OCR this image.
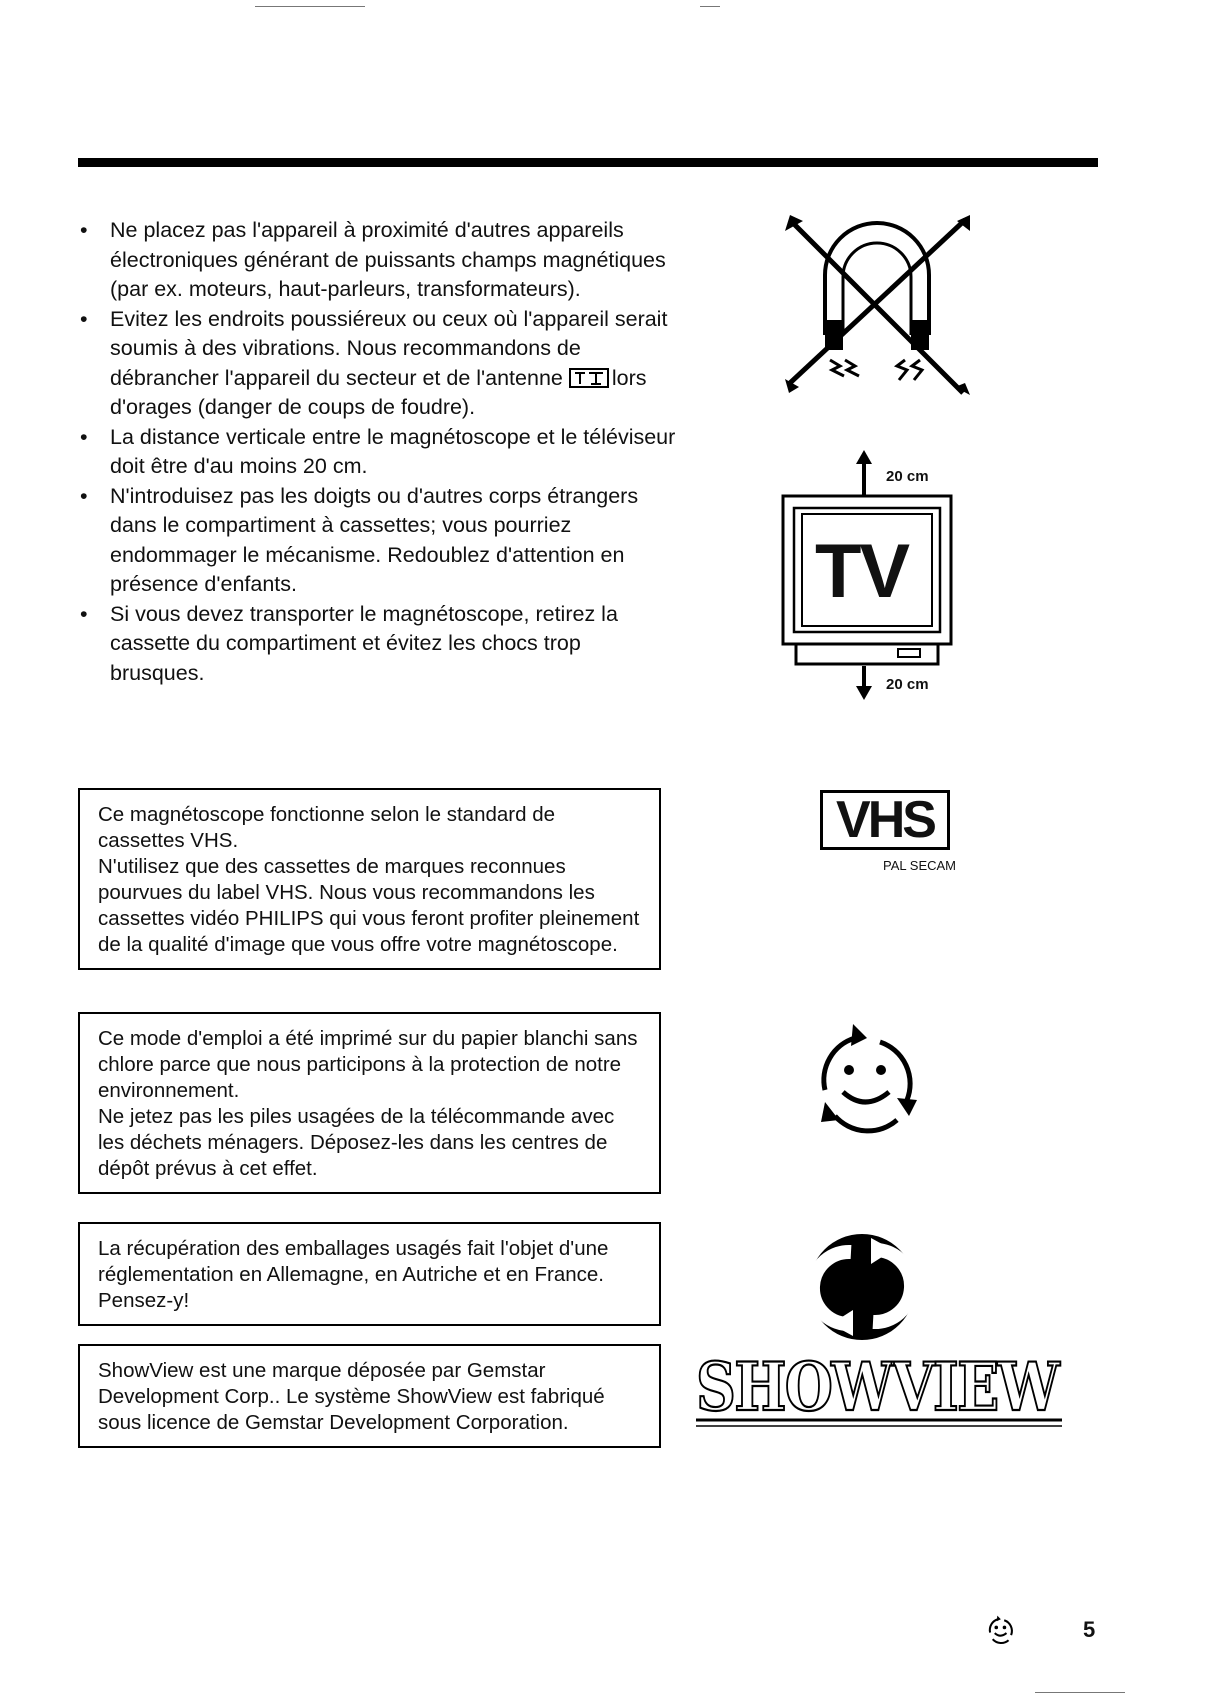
• Ne placez pas l'appareil à proximité d'autres appareils électroniques générant de puissants champs magnétiques (par ex. moteurs, haut-parleurs, transformateurs).
• Evitez les endroits poussiéreux ou ceux où l'appareil serait soumis à des vibrations. Nous recommandons de débrancher l'appareil du secteur et de l'antenne lors d'orages (danger de coups de foudre).
• La distance verticale entre le magnétoscope et le téléviseur doit être d'au moins 20 cm.
• N'introduisez pas les doigts ou d'autres corps étrangers dans le compartiment à cassettes; vous pourriez endommager le mécanisme. Redoublez d'attention en présence d'enfants.
• Si vous devez transporter le magnétoscope, retirez la cassette du compartiment et évitez les chocs trop brusques.
TV
20 cm
20 cm
VHS
PAL SECAM

Ce magnétoscope fonctionne selon le standard de cassettes VHS.

N'utilisez que des cassettes de marques reconnues pourvues du label VHS. Nous vous recommandons les cassettes vidéo PHILIPS qui vous feront profiter pleinement de la qualité d'image que vous offre votre magnétoscope.

Ce mode d'emploi a été imprimé sur du papier blanchi sans chlore parce que nous participons à la protection de notre environnement.

Ne jetez pas les piles usagées de la télécommande avec les déchets ménagers. Déposez-les dans les centres de dépôt prévus à cet effet.

La récupération des emballages usagés fait l'objet d'une réglementation en Allemagne, en Autriche et en France. Pensez-y!

ShowView est une marque déposée par Gemstar Development Corp.. Le système ShowView est fabriqué sous licence de Gemstar Development Corporation.	SHOWVIEW
5
